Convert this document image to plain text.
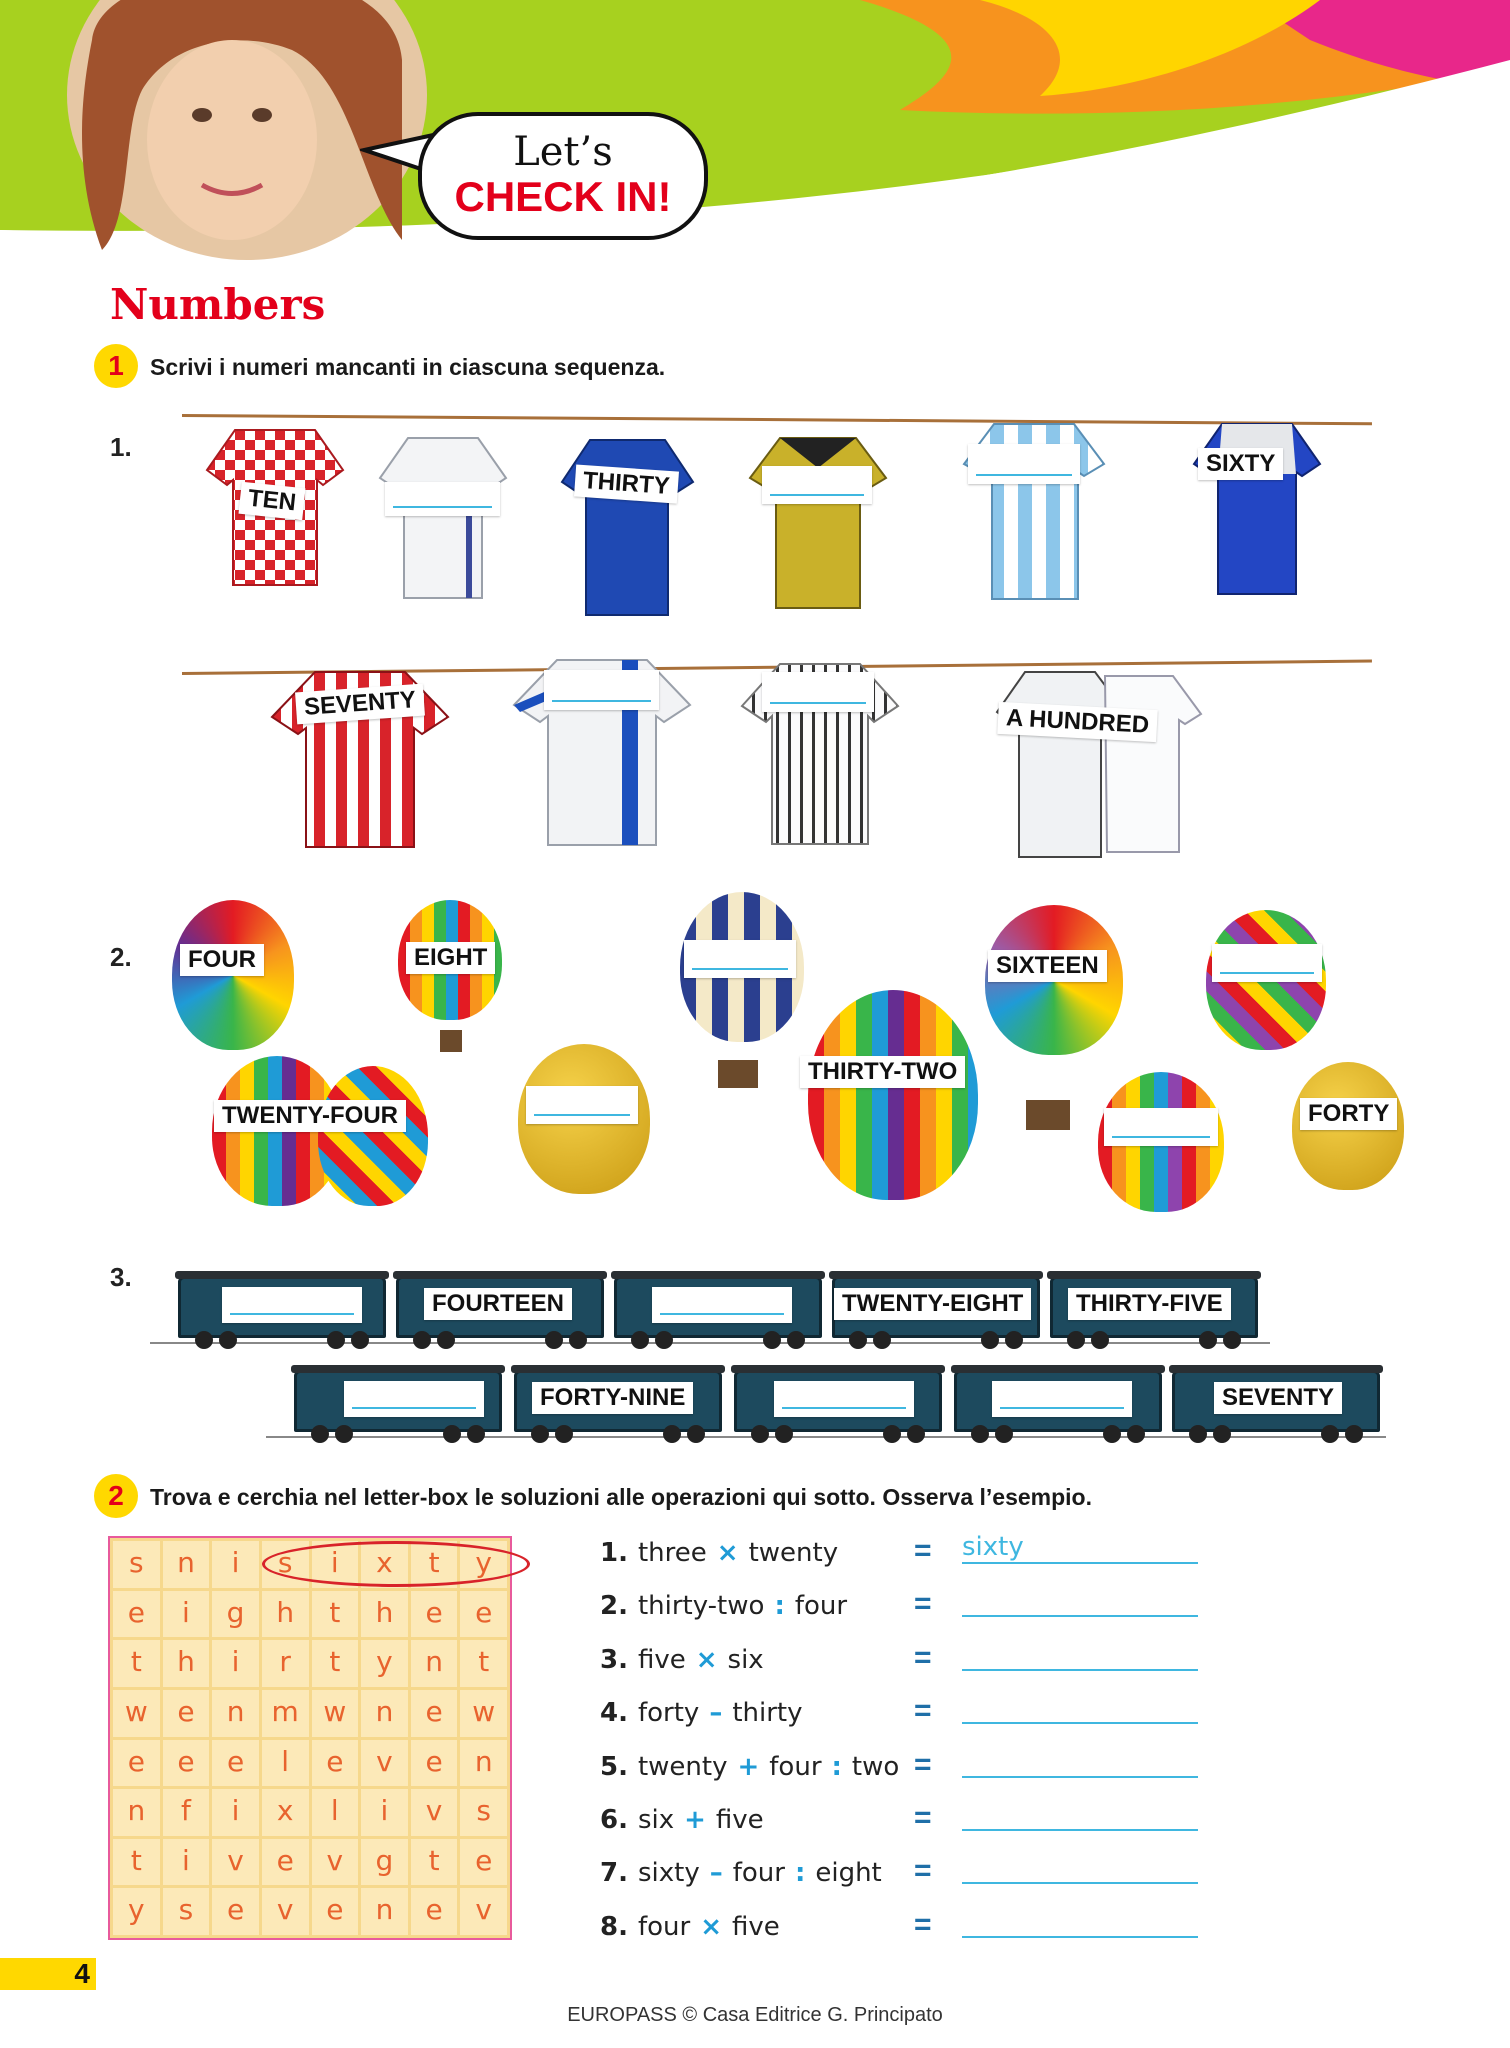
Let’s
CHECK IN!
Numbers
1	Scrivi i numeri mancanti in ciascuna sequenza.
1.
TEN
THIRTY
SIXTY
SEVENTY
A HUNDRED
2.	FOUR	EIGHT	SIXTEEN
TWENTY-FOUR
THIRTY-TWO
FORTY
3.
FOURTEEN	TWENTY-EIGHT	THIRTY-FIVE
FORTY-NINE	SEVENTY
2	Trova e cerchia nel letter-box le soluzioni alle operazioni qui sotto. Osserva l’esempio.
s	n	i	s	i	x	t	y
e	i	g	h	t	h	e	e
t	h	i	r	t	y	n	t
w	e	n m w	n	e	w
e	e	e	l	e	v	e	n
n	f	i	x	l	i	v	s
t	i	v	e	v	g	t	e
y	s	e	v	e	n	e	v
1. three × twenty	= sixty
2. thirty-two : four	=
3. five × six	=
4. forty – thirty	=
5. twenty + four : two =
6. six + five	=
7. sixty – four : eight	=
8. four × five	=
4
EUROPASS © Casa Editrice G. Principato
